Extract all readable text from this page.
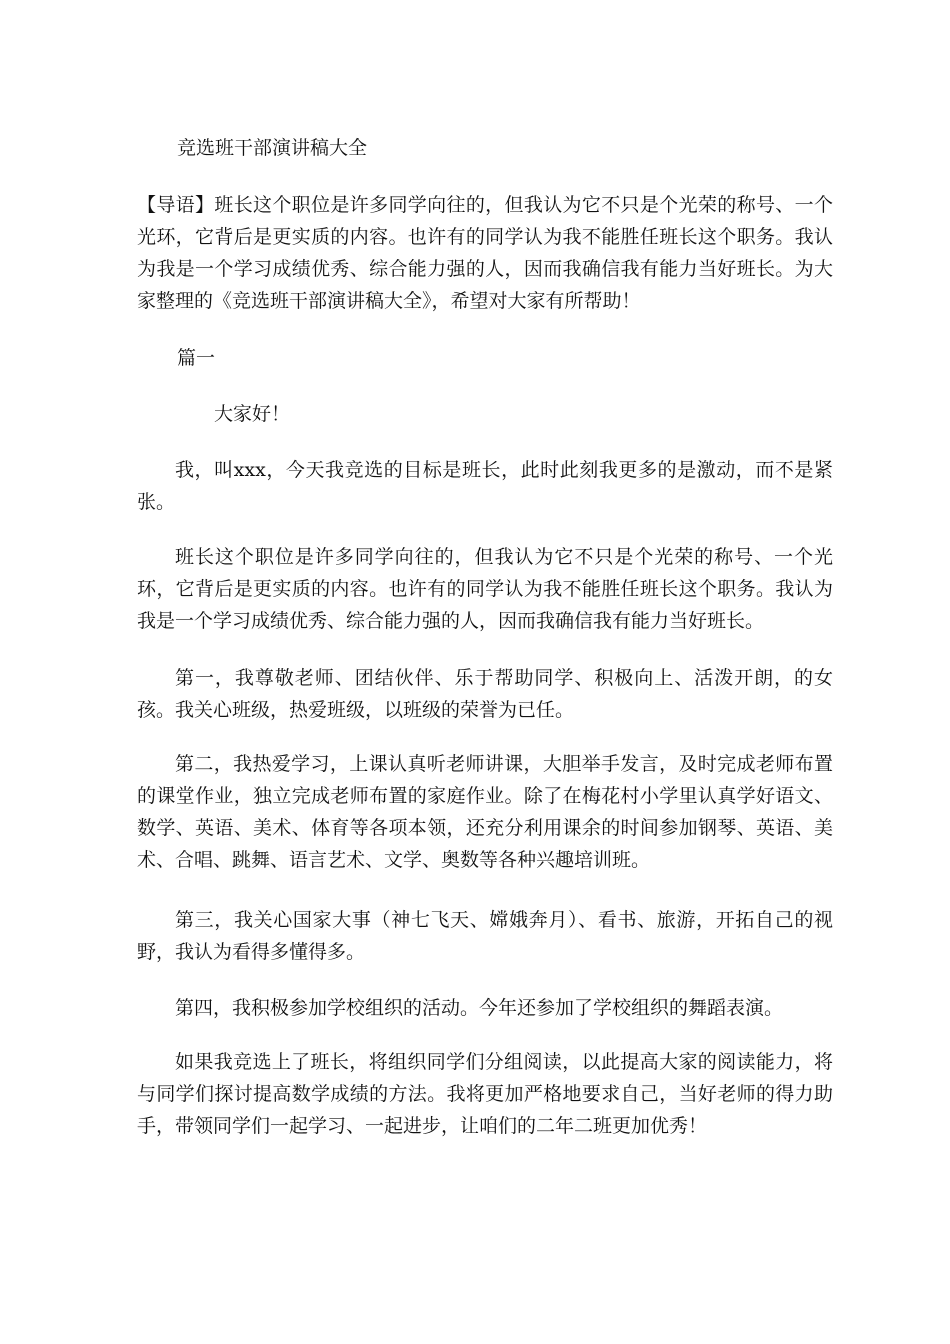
竞选班干部演讲稿大全

【导语】班长这个职位是许多同学向往的，但我认为它不只是个光荣的称号、一个光环，它背后是更实质的内容。也许有的同学认为我不能胜任班长这个职务。我认为我是一个学习成绩优秀、综合能力强的人，因而我确信我有能力当好班长。为大家整理的《竞选班干部演讲稿大全》，希望对大家有所帮助！

篇一
大家好！

我，叫xxx，今天我竞选的目标是班长，此时此刻我更多的是激动，而不是紧张。

班长这个职位是许多同学向往的，但我认为它不只是个光荣的称号、一个光环，它背后是更实质的内容。也许有的同学认为我不能胜任班长这个职务。我认为我是一个学习成绩优秀、综合能力强的人，因而我确信我有能力当好班长。

第一，我尊敬老师、团结伙伴、乐于帮助同学、积极向上、活泼开朗，的女孩。我关心班级，热爱班级，以班级的荣誉为已任。

第二，我热爱学习，上课认真听老师讲课，大胆举手发言，及时完成老师布置的课堂作业，独立完成老师布置的家庭作业。除了在梅花村小学里认真学好语文、数学、英语、美术、体育等各项本领，还充分利用课余的时间参加钢琴、英语、美术、合唱、跳舞、语言艺术、文学、奥数等各种兴趣培训班。

第三，我关心国家大事（神七飞天、嫦娥奔月）、看书、旅游，开拓自己的视野，我认为看得多懂得多。

第四，我积极参加学校组织的活动。今年还参加了学校组织的舞蹈表演。

如果我竞选上了班长，将组织同学们分组阅读，以此提高大家的阅读能力，将与同学们探讨提高数学成绩的方法。我将更加严格地要求自己，当好老师的得力助手，带领同学们一起学习、一起进步，让咱们的二年二班更加优秀！
